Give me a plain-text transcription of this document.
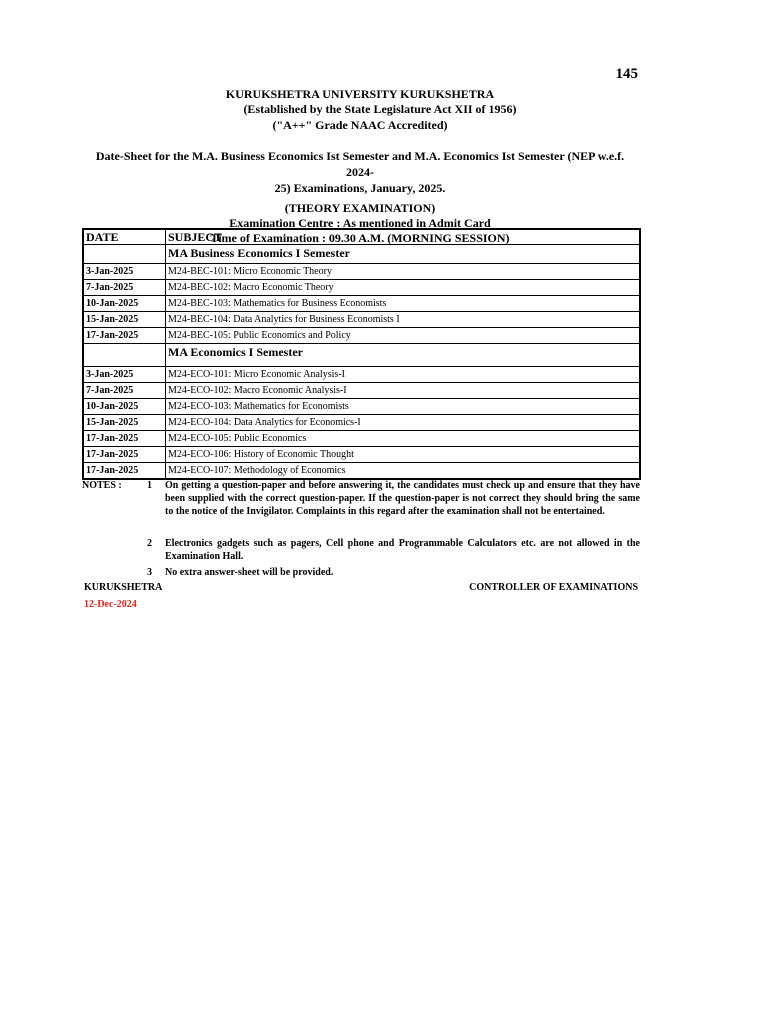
145
KURUKSHETRA UNIVERSITY KURUKSHETRA
(Established by the State Legislature Act XII of 1956)
("A++" Grade NAAC Accredited)
Date-Sheet for the M.A. Business Economics Ist Semester and M.A. Economics Ist Semester (NEP w.e.f. 2024-
25) Examinations, January, 2025.
(THEORY EXAMINATION)
Examination Centre : As mentioned in Admit Card
Time of Examination : 09.30 A.M. (MORNING SESSION)
DATE	SUBJECT
	MA Business Economics I Semester
3-Jan-2025	M24-BEC-101: Micro Economic Theory
7-Jan-2025	M24-BEC-102: Macro Economic Theory
10-Jan-2025	M24-BEC-103: Mathematics for Business Economists
15-Jan-2025	M24-BEC-104: Data Analytics for Business Economists I
17-Jan-2025	M24-BEC-105: Public Economics and Policy
	MA Economics I Semester
3-Jan-2025	M24-ECO-101: Micro Economic Analysis-I
7-Jan-2025	M24-ECO-102: Macro Economic Analysis-I
10-Jan-2025	M24-ECO-103: Mathematics for Economists
15-Jan-2025	M24-ECO-104: Data Analytics for Economics-I
17-Jan-2025	M24-ECO-105: Public Economics
17-Jan-2025	M24-ECO-106: History of Economic Thought
17-Jan-2025	M24-ECO-107: Methodology of Economics
NOTES :	1 On getting a question-paper and before answering it, the candidates must check up and ensure that they have been supplied with the correct question-paper. If the question-paper is not correct they should bring the same to the notice of the Invigilator. Complaints in this regard after the examination shall not be entertained.
2 Electronics gadgets such as pagers, Cell phone and Programmable Calculators etc. are not allowed in the Examination Hall.
3 No extra answer-sheet will be provided.
KURUKSHETRA	CONTROLLER OF EXAMINATIONS
12-Dec-2024
